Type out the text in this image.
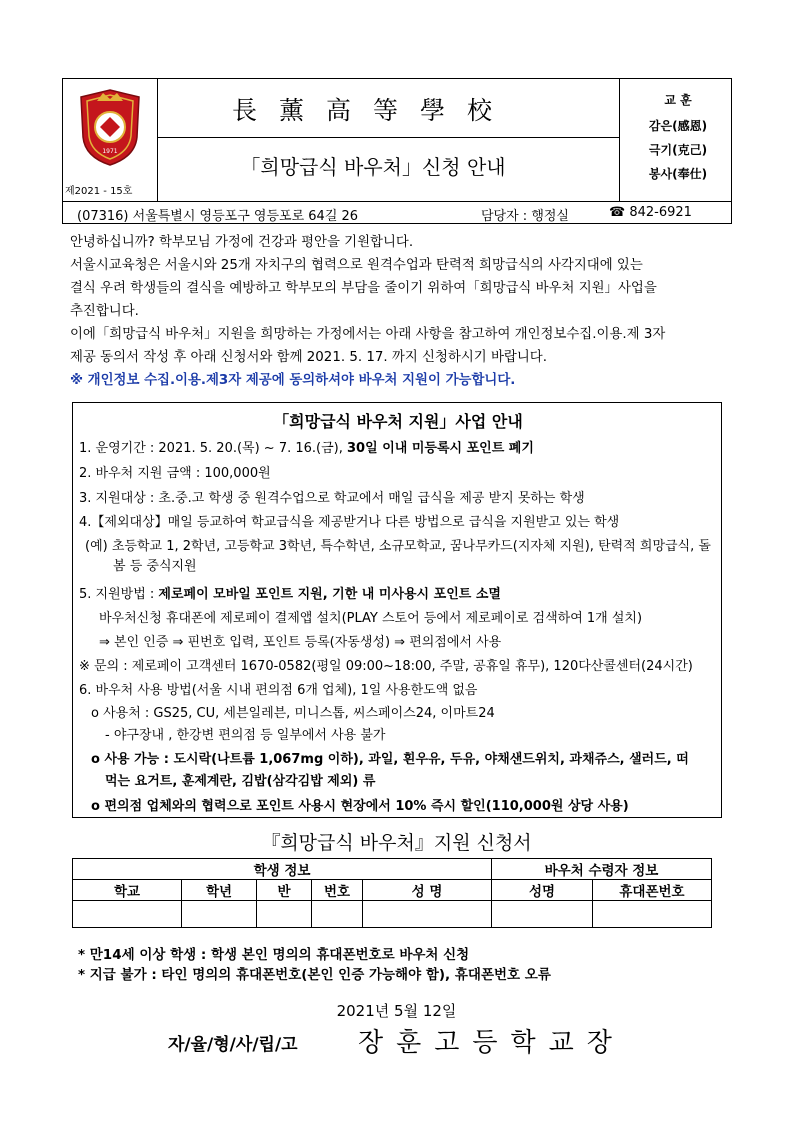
1971
제2021 - 15호
長薰高等學校
「희망급식 바우처」신청 안내
교 훈
감은(感恩)
극기(克己)
봉사(奉仕)
(07316) 서울특별시 영등포구 영등포로 64길 26	담당자 : 행정실	☎ 842-6921
안녕하십니까? 학부모님 가정에 건강과 평안을 기원합니다.
서울시교육청은 서울시와 25개 자치구의 협력으로 원격수업과 탄력적 희망급식의 사각지대에 있는
결식 우려 학생들의 결식을 예방하고 학부모의 부담을 줄이기 위하여「희망급식 바우처 지원」사업을
추진합니다.
이에「희망급식 바우처」지원을 희망하는 가정에서는 아래 사항을 참고하여 개인정보수집.이용.제 3자
제공 동의서 작성 후 아래 신청서와 함께 2021. 5. 17. 까지 신청하시기 바랍니다.
※ 개인정보 수집.이용.제3자 제공에 동의하셔야 바우처 지원이 가능합니다.
「희망급식 바우처 지원」사업 안내
1. 운영기간 : 2021. 5. 20.(목) ~ 7. 16.(금), 30일 이내 미등록시 포인트 폐기
2. 바우처 지원 금액 : 100,000원
3. 지원대상 : 초.중.고 학생 중 원격수업으로 학교에서 매일 급식을 제공 받지 못하는 학생
4.【제외대상】매일 등교하여 학교급식을 제공받거나 다른 방법으로 급식을 지원받고 있는 학생
(예) 초등학교 1, 2학년, 고등학교 3학년, 특수학년, 소규모학교, 꿈나무카드(지자체 지원), 탄력적 희망급식, 돌
봄 등 중식지원
5. 지원방법 : 제로페이 모바일 포인트 지원, 기한 내 미사용시 포인트 소멸
바우처신청 휴대폰에 제로페이 결제앱 설치(PLAY 스토어 등에서 제로페이로 검색하여 1개 설치)
⇒ 본인 인증 ⇒ 핀번호 입력, 포인트 등록(자동생성) ⇒ 편의점에서 사용
※ 문의 : 제로페이 고객센터 1670-0582(평일 09:00~18:00, 주말, 공휴일 휴무), 120다산콜센터(24시간)
6. 바우처 사용 방법(서울 시내 편의점 6개 업체), 1일 사용한도액 없음
o 사용처 : GS25, CU, 세븐일레븐, 미니스톱, 씨스페이스24, 이마트24
- 야구장내 , 한강변 편의점 등 일부에서 사용 불가
o 사용 가능 : 도시락(나트륨 1,067mg 이하), 과일, 흰우유, 두유, 야채샌드위치, 과채쥬스, 샐러드, 떠
먹는 요거트, 훈제계란, 김밥(삼각김밥 제외) 류
o 편의점 업체와의 협력으로 포인트 사용시 현장에서 10% 즉시 할인(110,000원 상당 사용)
『희망급식 바우처』지원 신청서
학생 정보					바우처 수령자 정보	
학교	학년	반	번호	성 명	성명	휴대폰번호

* 만14세 이상 학생 : 학생 본인 명의의 휴대폰번호로 바우처 신청
* 지급 불가 : 타인 명의의 휴대폰번호(본인 인증 가능해야 함), 휴대폰번호 오류
2021년 5월 12일
자/율/형/사/립/고 장훈고등학교장
